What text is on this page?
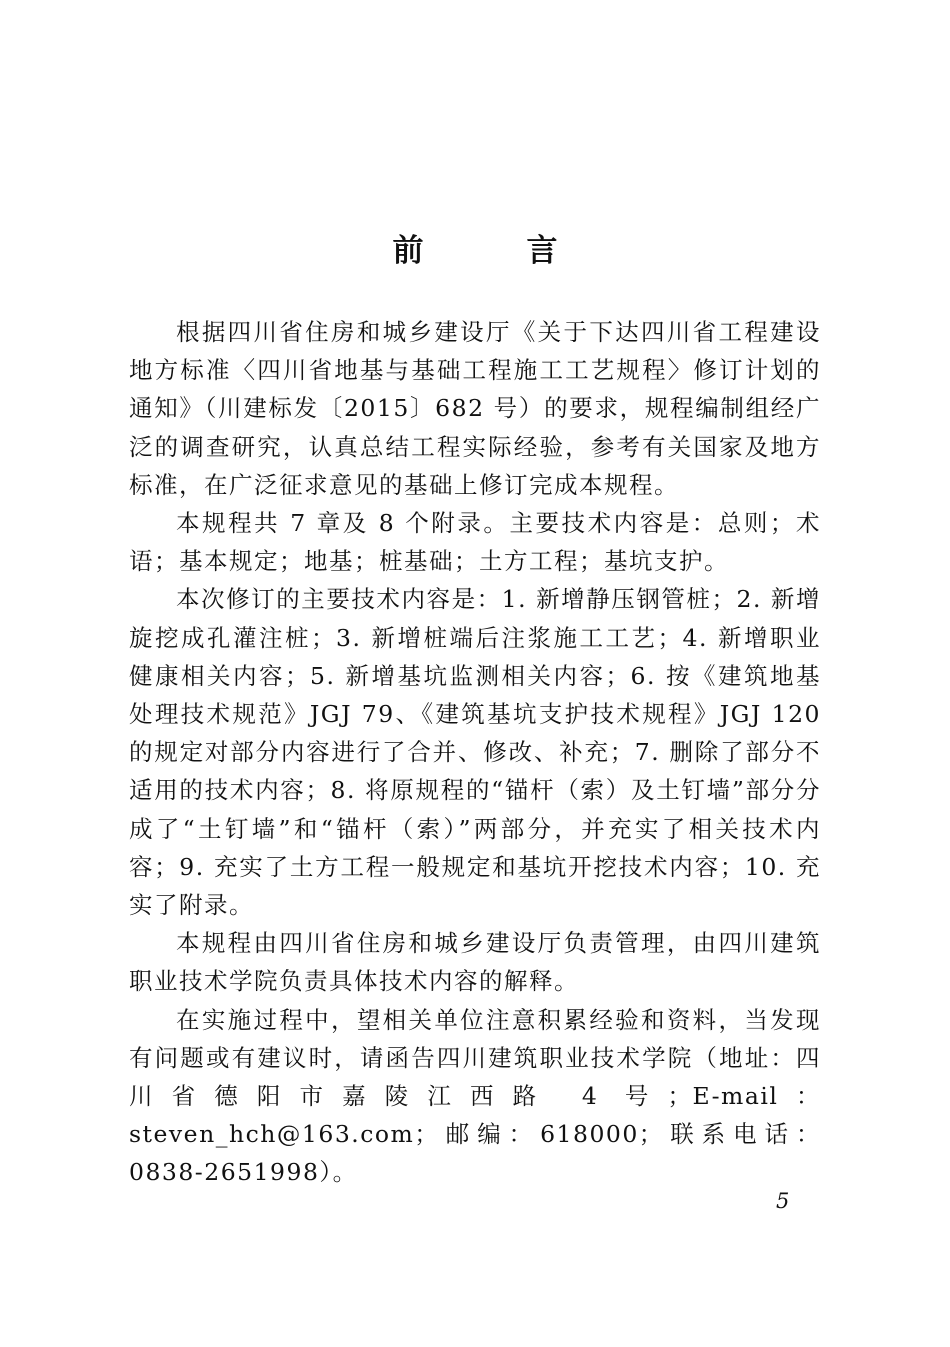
前　言

根据四川省住房和城乡建设厅《关于下达四川省工程建设地方标准〈四川省地基与基础工程施工工艺规程〉修订计划的通知》（川建标发〔2015〕682 号）的要求，规程编制组经广泛的调查研究，认真总结工程实际经验，参考有关国家及地方标准，在广泛征求意见的基础上修订完成本规程。

本规程共 7 章及 8 个附录。主要技术内容是：总则；术语；基本规定；地基；桩基础；土方工程；基坑支护。

本次修订的主要技术内容是：1. 新增静压钢管桩；2. 新增旋挖成孔灌注桩；3. 新增桩端后注浆施工工艺；4. 新增职业健康相关内容；5. 新增基坑监测相关内容；6. 按《建筑地基处理技术规范》JGJ 79、《建筑基坑支护技术规程》JGJ 120 的规定对部分内容进行了合并、修改、补充；7. 删除了部分不适用的技术内容；8. 将原规程的“锚杆（索）及土钉墙”部分分成了“土钉墙”和“锚杆（索）”两部分，并充实了相关技术内容；9. 充实了土方工程一般规定和基坑开挖技术内容；10. 充实了附录。

本规程由四川省住房和城乡建设厅负责管理，由四川建筑职业技术学院负责具体技术内容的解释。

在实施过程中，望相关单位注意积累经验和资料，当发现有问题或有建议时，请函告四川建筑职业技术学院（地址：四川省德阳市嘉陵江西路 4 号；E-mail：steven_hch@163.com；邮编：618000；联系电话：0838-2651998）。

5
